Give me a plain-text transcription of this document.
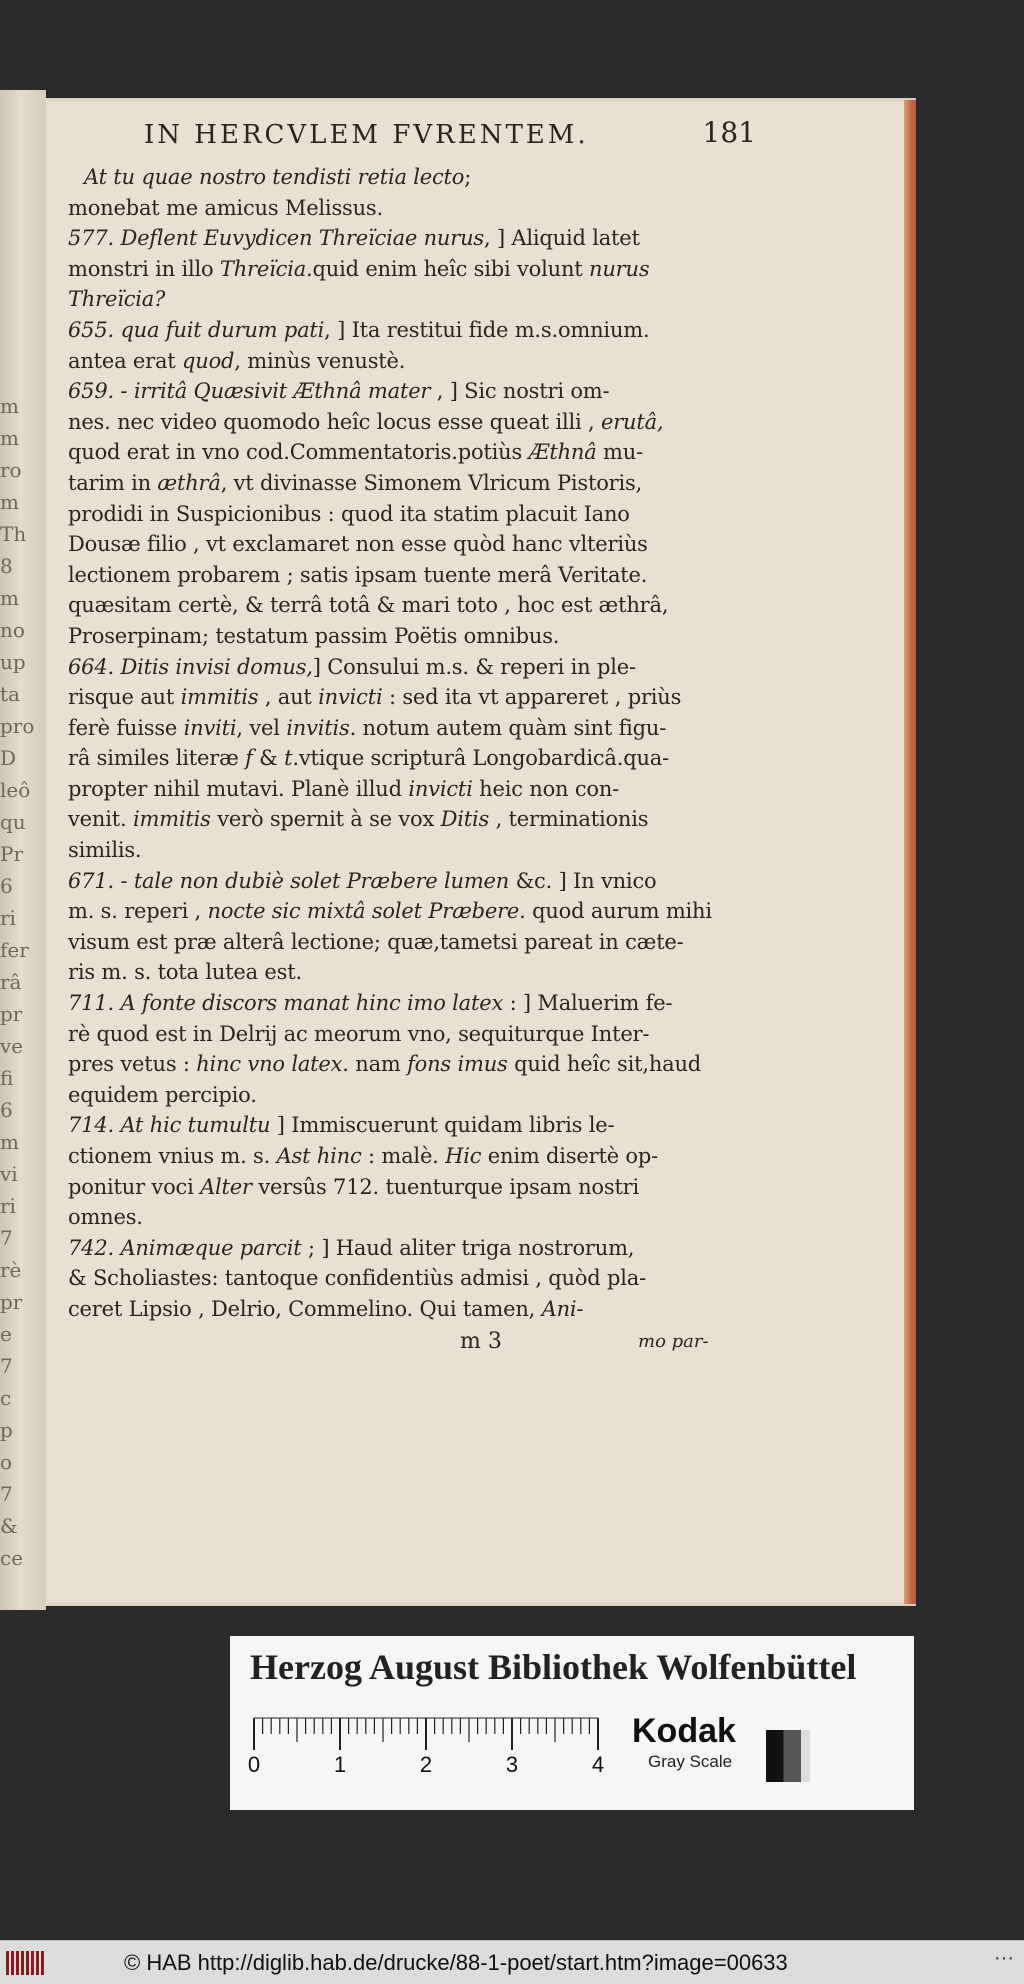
m
m
ro
m
Th
8
m
no
up
ta
pro
D
leô
qu
Pr
6
ri
fer
râ
pr
ve
fi
6
m
vi
ri
7
rè
pr
e
7
c
p
o
7
&
ce
IN HERCVLEM FVRENTEM.	181
At tu quae nostro tendisti retia lecto;
monebat me amicus Melissus.
577. Deflent Euvydicen Threïciae nurus, ] Aliquid latet
monstri in illo Threïcia.quid enim heîc sibi volunt nurus
Threïcia?
655. qua fuit durum pati, ] Ita restitui fide m.s.omnium.
antea erat quod, minùs venustè.
659. - irritâ Quæsivit Æthnâ mater , ] Sic nostri om-
nes. nec video quomodo heîc locus esse queat illi , erutâ,
quod erat in vno cod.Commentatoris.potiùs Æthnâ mu-
tarim in æthrâ, vt divinasse Simonem Vlricum Pistoris,
prodidi in Suspicionibus : quod ita statim placuit Iano
Dousæ filio , vt exclamaret non esse quòd hanc vlteriùs
lectionem probarem ; satis ipsam tuente merâ Veritate.
quæsitam certè, & terrâ totâ & mari toto , hoc est æthrâ,
Proserpinam; testatum passim Poëtis omnibus.
664. Ditis invisi domus,] Consului m.s. & reperi in ple-
risque aut immitis , aut invicti : sed ita vt appareret , priùs
ferè fuisse inviti, vel invitis. notum autem quàm sint figu-
râ similes literæ f & t.vtique scripturâ Longobardicâ.qua-
propter nihil mutavi. Planè illud invicti heic non con-
venit. immitis verò spernit à se vox Ditis , terminationis
similis.
671. - tale non dubiè solet Præbere lumen &c. ] In vnico
m. s. reperi , nocte sic mixtâ solet Præbere. quod aurum mihi
visum est præ alterâ lectione; quæ,tametsi pareat in cæte-
ris m. s. tota lutea est.
711. A fonte discors manat hinc imo latex : ] Maluerim fe-
rè quod est in Delrij ac meorum vno, sequiturque Inter-
pres vetus : hinc vno latex. nam fons imus quid heîc sit,haud
equidem percipio.
714. At hic tumultu ] Immiscuerunt quidam libris le-
ctionem vnius m. s. Ast hinc : malè. Hic enim disertè op-
ponitur voci Alter versûs 712. tuenturque ipsam nostri
omnes.
742. Animæque parcit ; ] Haud aliter triga nostrorum,
& Scholiastes: tantoque confidentiùs admisi , quòd pla-
ceret Lipsio , Delrio, Commelino. Qui tamen, Ani-
m 3	mo par-
Herzog August Bibliothek Wolfenbüttel
0	1	2	3	4
Kodak
Gray Scale
© HAB http://diglib.hab.de/drucke/88-1-poet/start.htm?image=00633	···
